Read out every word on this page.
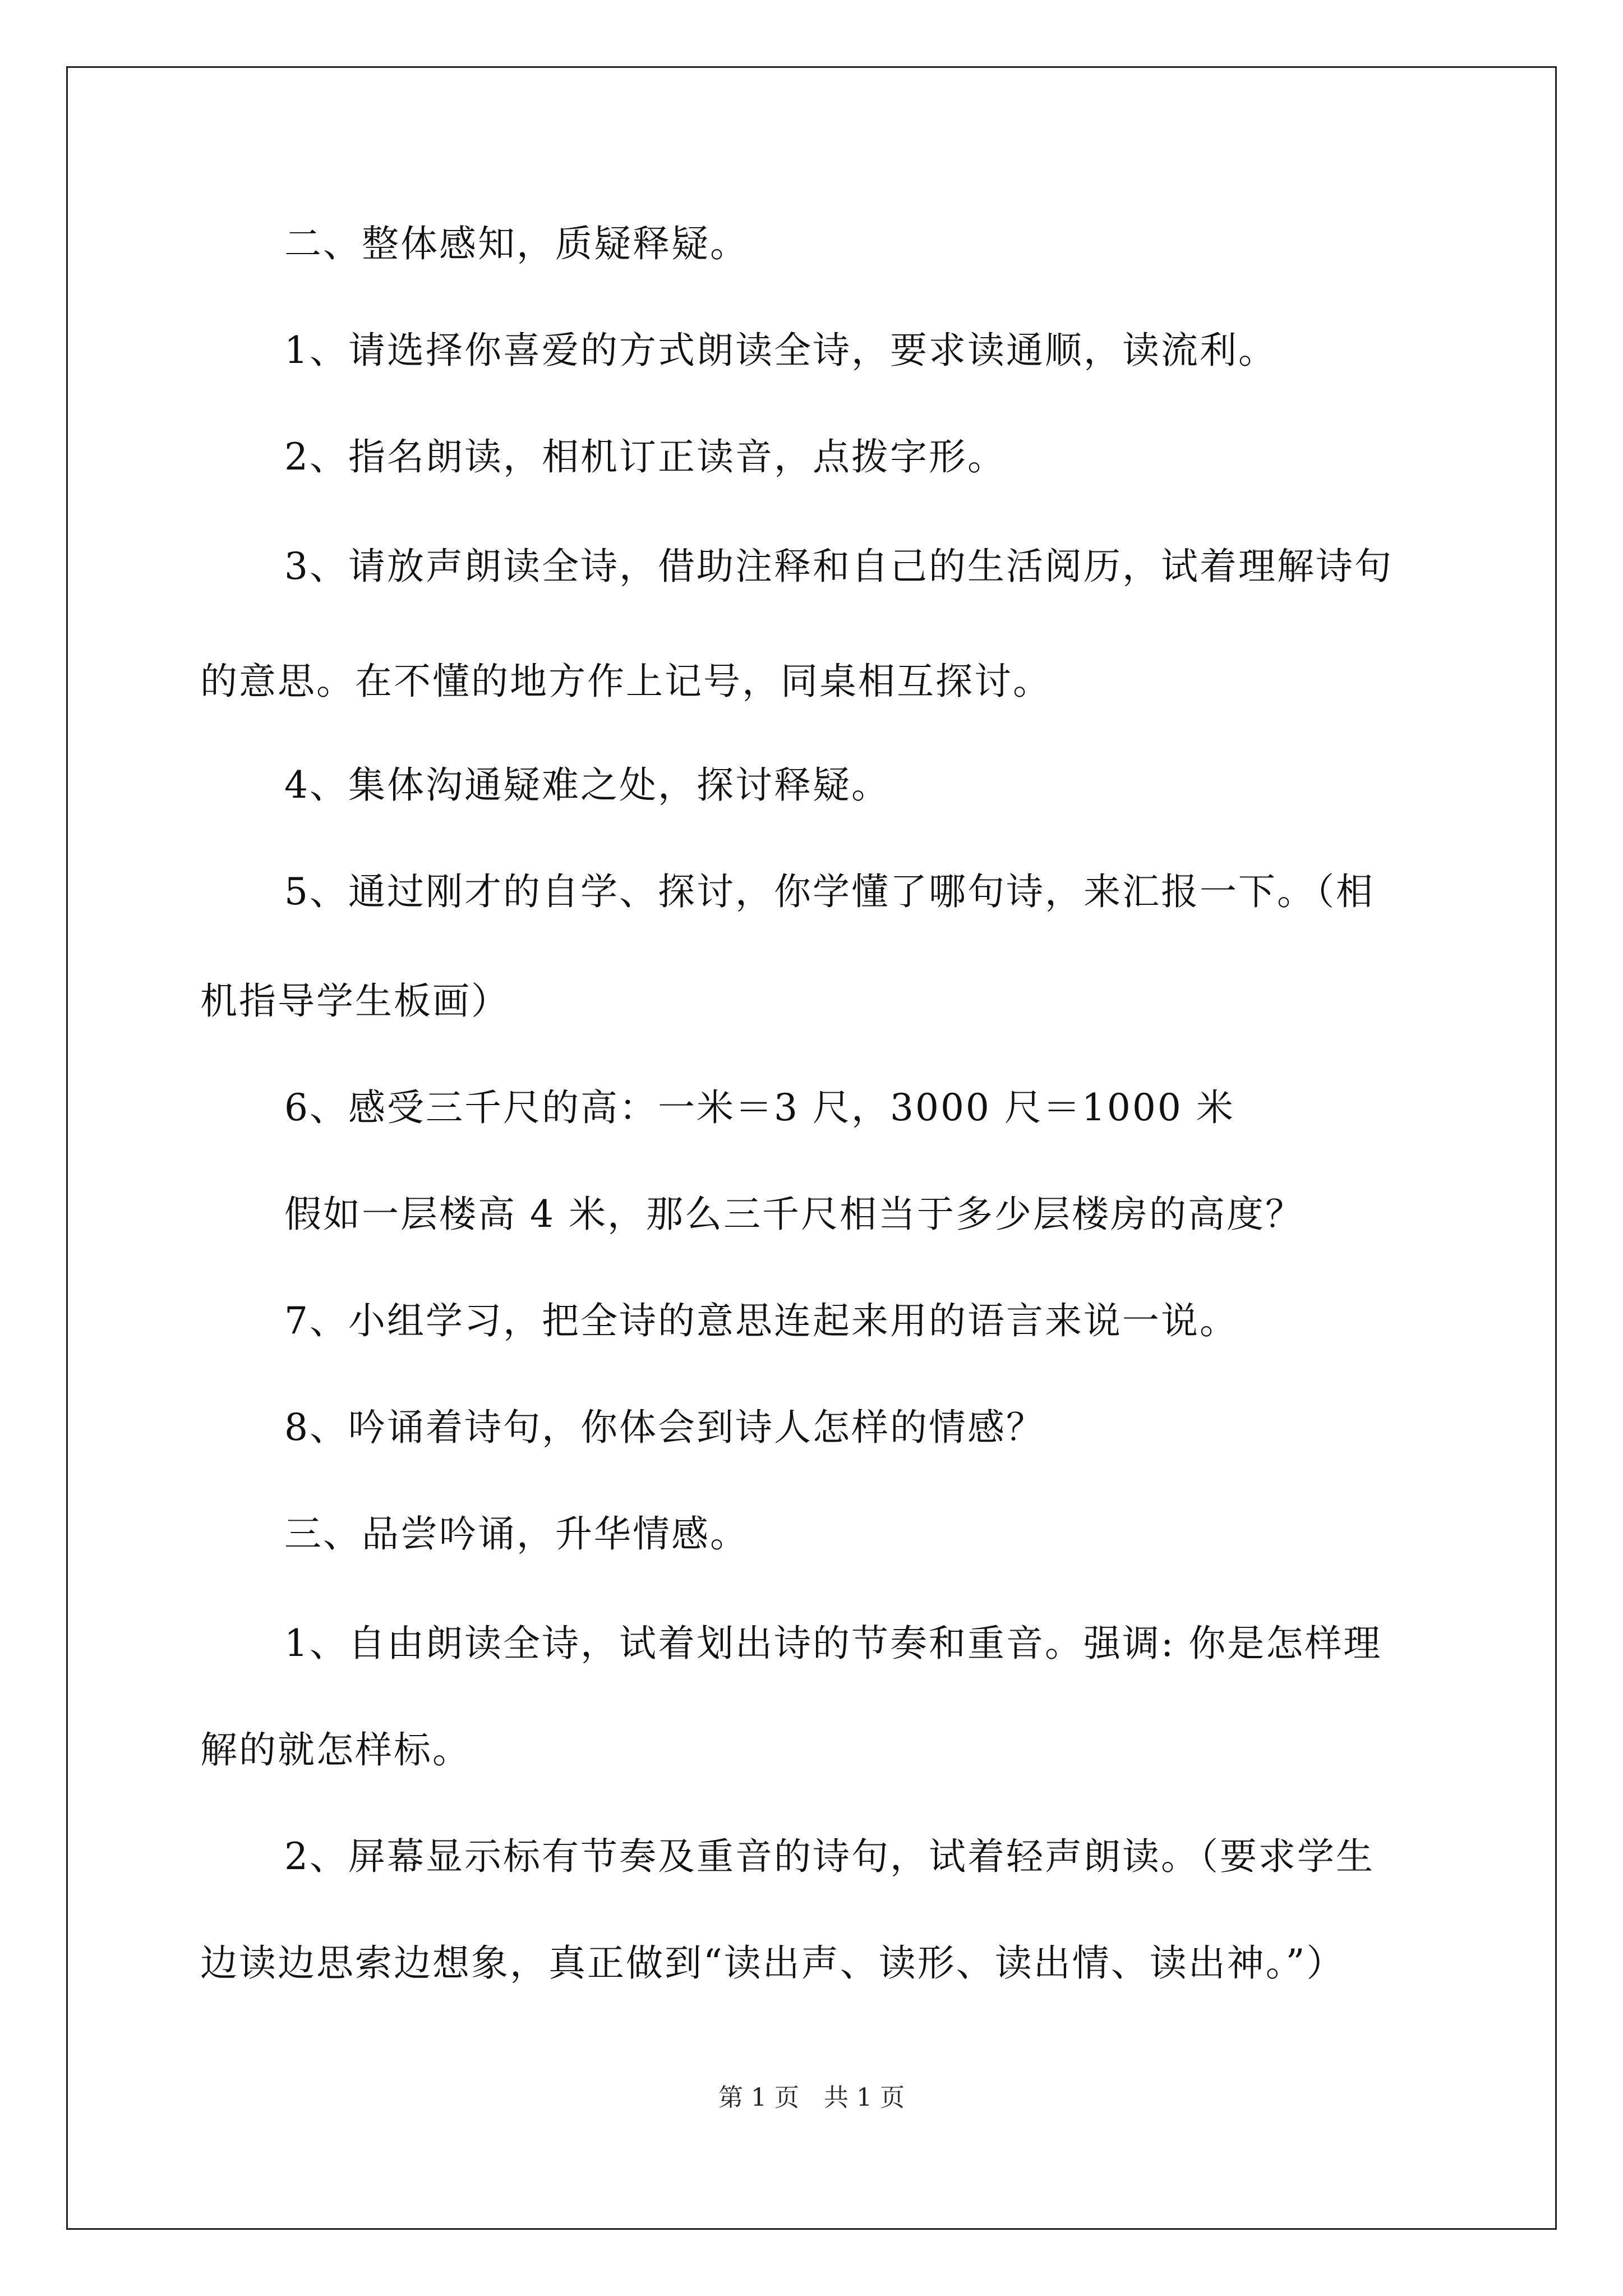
二、整体感知，质疑释疑。
1、请选择你喜爱的方式朗读全诗，要求读通顺，读流利。
2、指名朗读，相机订正读音，点拨字形。
3、请放声朗读全诗，借助注释和自己的生活阅历，试着理解诗句
的意思。在不懂的地方作上记号，同桌相互探讨。
4、集体沟通疑难之处，探讨释疑。
5、通过刚才的自学、探讨，你学懂了哪句诗，来汇报一下。（相
机指导学生板画）
6、感受三千尺的高：一米＝3 尺，3000 尺＝1000 米
假如一层楼高 4 米，那么三千尺相当于多少层楼房的高度？
7、小组学习，把全诗的意思连起来用的语言来说一说。
8、吟诵着诗句，你体会到诗人怎样的情感？
三、品尝吟诵，升华情感。
1、自由朗读全诗，试着划出诗的节奏和重音。强调: 你是怎样理
解的就怎样标。
2、屏幕显示标有节奏及重音的诗句，试着轻声朗读。（要求学生
边读边思索边想象，真正做到“读出声、读形、读出情、读出神。”）
第 1 页　共 1 页
